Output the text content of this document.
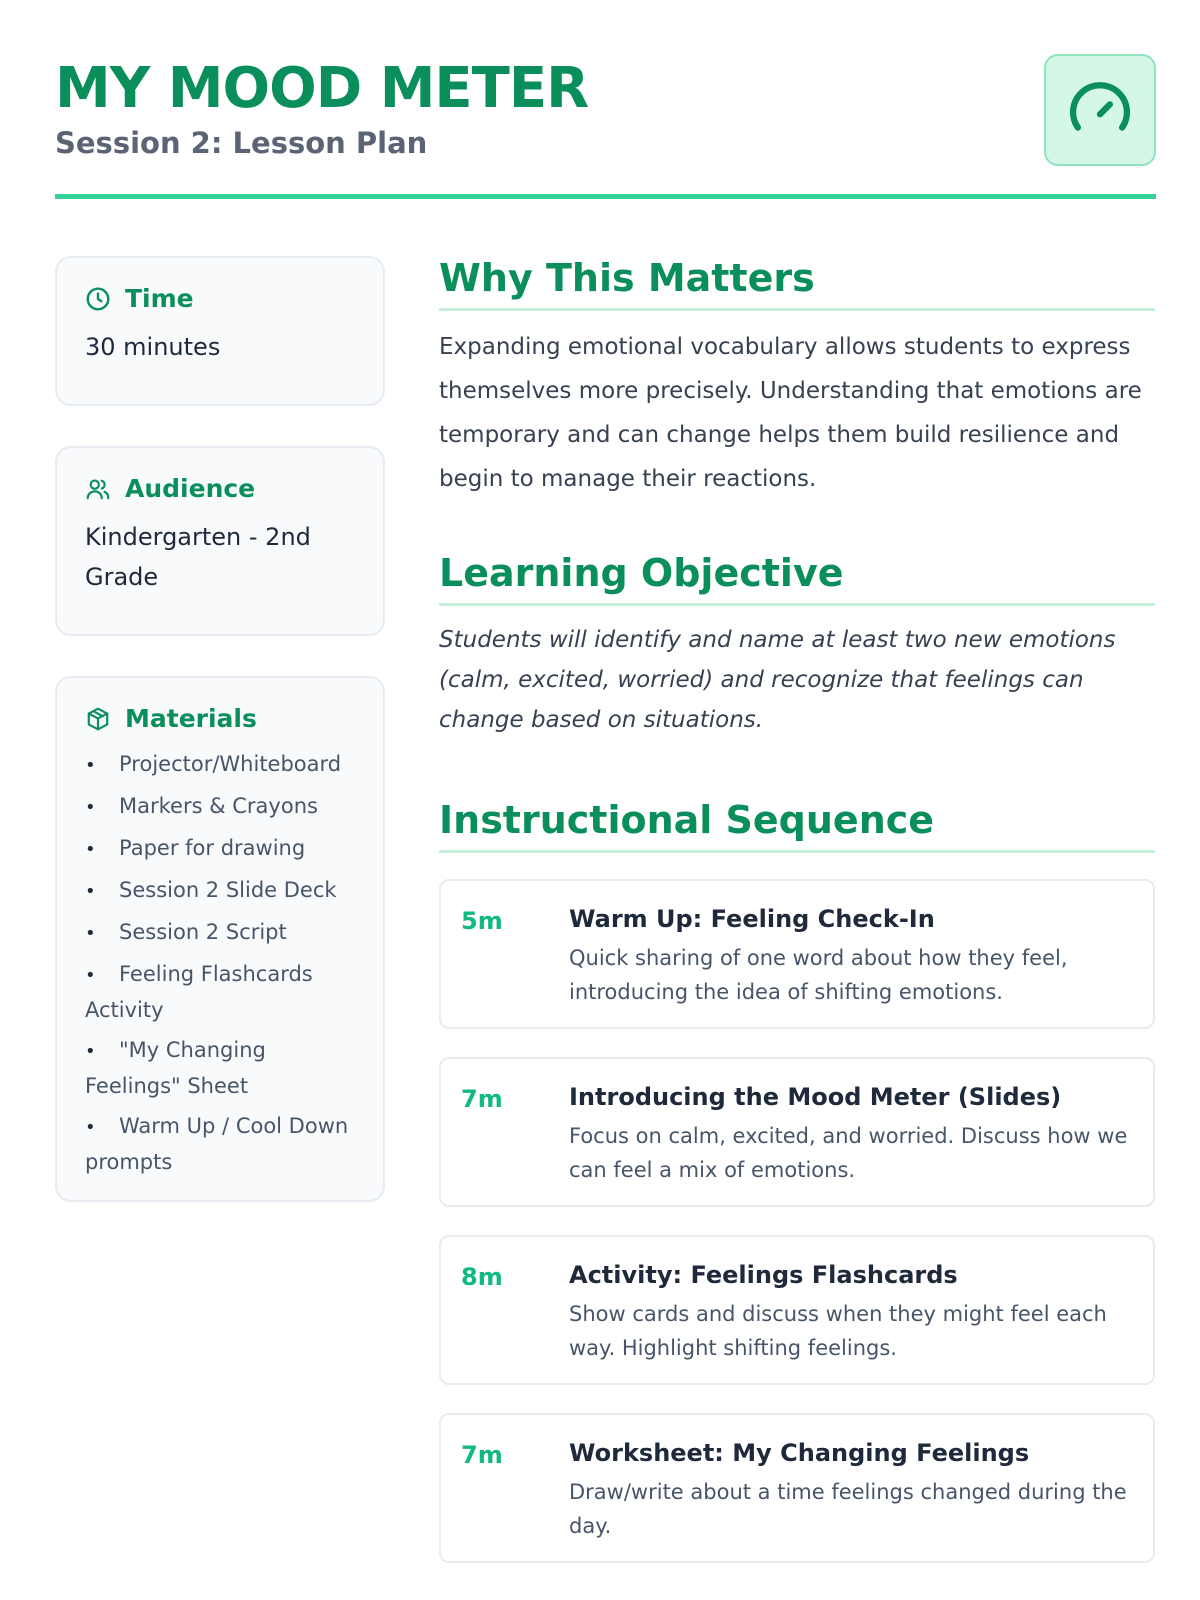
MY MOOD METER
Session 2: Lesson Plan
Time
30 minutes
Audience
Kindergarten - 2nd Grade
Materials
• Projector/Whiteboard
• Markers & Crayons
• Paper for drawing
• Session 2 Slide Deck
• Session 2 Script
• Feeling Flashcards Activity
• "My Changing Feelings" Sheet
• Warm Up / Cool Down prompts
Why This Matters

Expanding emotional vocabulary allows students to express themselves more precisely. Understanding that emotions are temporary and can change helps them build resilience and begin to manage their reactions.

Learning Objective

Students will identify and name at least two new emotions (calm, excited, worried) and recognize that feelings can change based on situations.

Instructional Sequence
5m	Warm Up: Feeling Check-In
Quick sharing of one word about how they feel, introducing the idea of shifting emotions.
7m	Introducing the Mood Meter (Slides)
Focus on calm, excited, and worried. Discuss how we can feel a mix of emotions.
8m	Activity: Feelings Flashcards
Show cards and discuss when they might feel each way. Highlight shifting feelings.
7m	Worksheet: My Changing Feelings
Draw/write about a time feelings changed during the day.
